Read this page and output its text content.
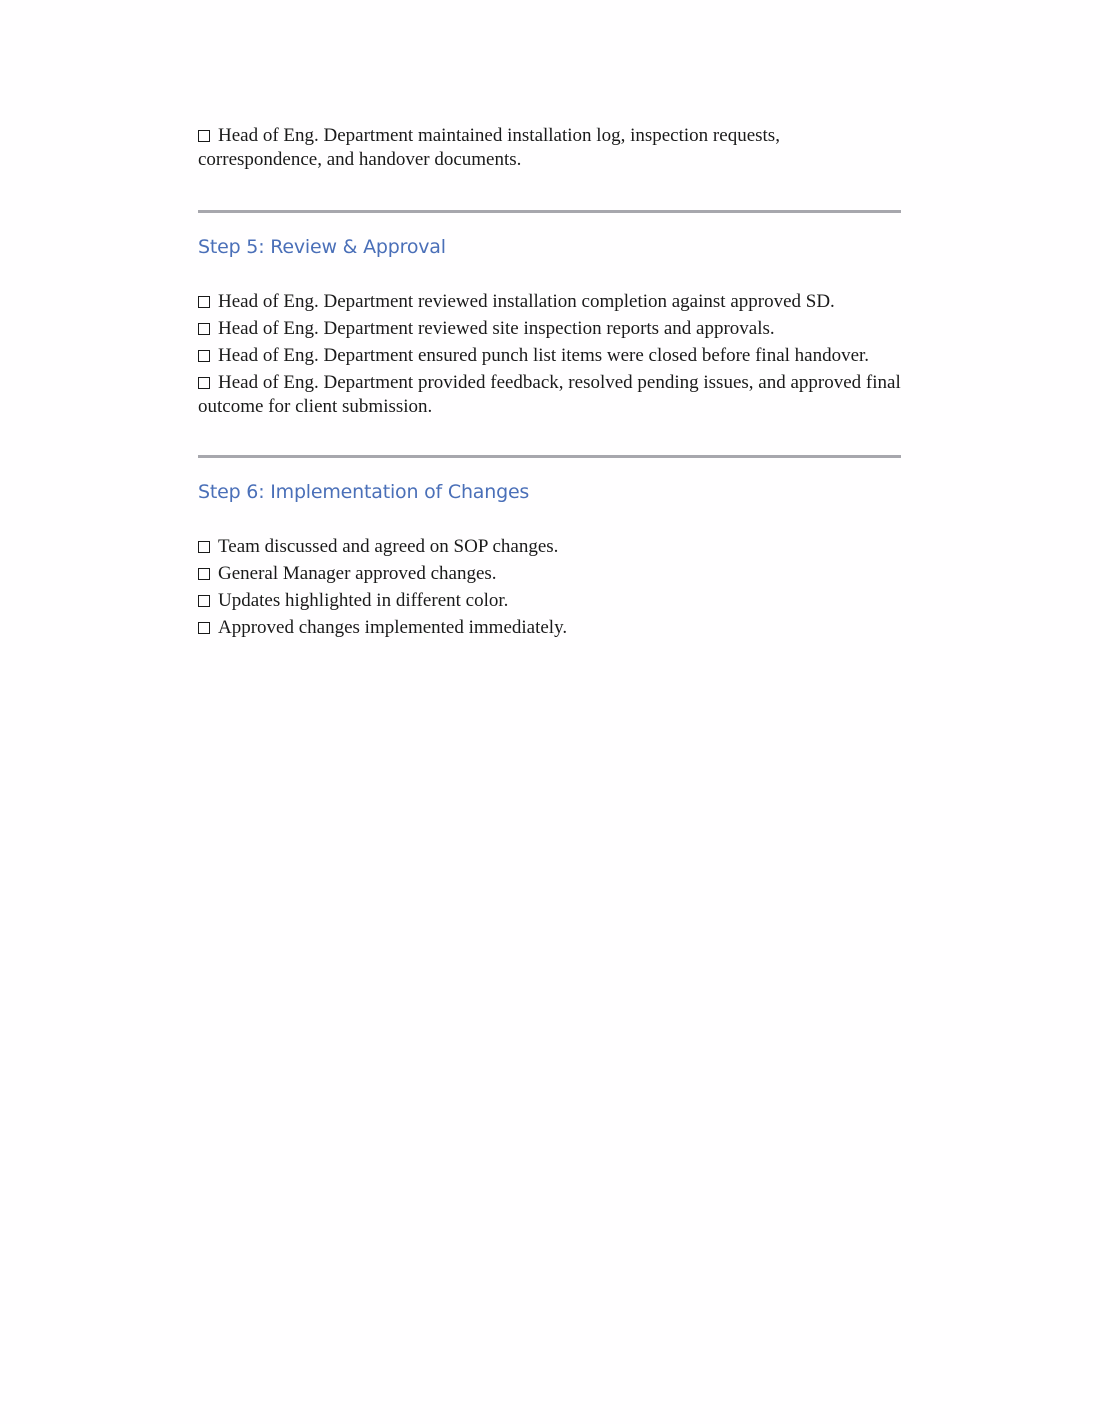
Head of Eng. Department maintained installation log, inspection requests, correspondence, and handover documents.

Step 5: Review & Approval
Head of Eng. Department reviewed installation completion against approved SD.
Head of Eng. Department reviewed site inspection reports and approvals.
Head of Eng. Department ensured punch list items were closed before final handover.
Head of Eng. Department provided feedback, resolved pending issues, and approved final outcome for client submission.
Step 6: Implementation of Changes
Team discussed and agreed on SOP changes.
General Manager approved changes.
Updates highlighted in different color.
Approved changes implemented immediately.
